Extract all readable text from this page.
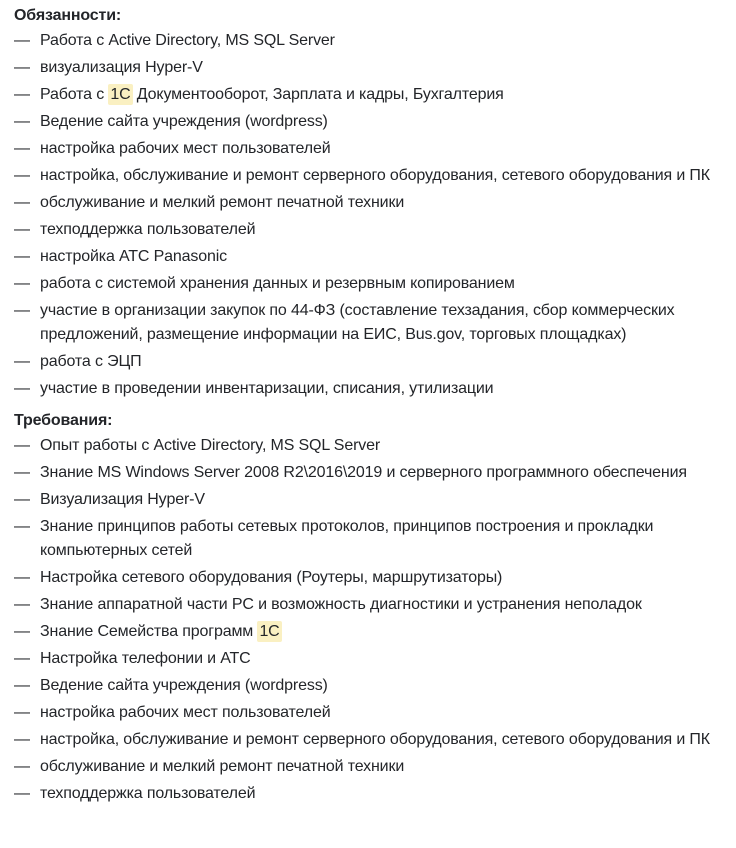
Обязанности:

— Работа с Active Directory, MS SQL Server
— визуализация Hyper-V
— Работа с 1С Документооборот, Зарплата и кадры, Бухгалтерия
— Ведение сайта учреждения (wordpress)
— настройка рабочих мест пользователей
— настройка, обслуживание и ремонт серверного оборудования, сетевого оборудования и ПК
— обслуживание и мелкий ремонт печатной техники
— техподдержка пользователей
— настройка АТС Panasonic
— работа с системой хранения данных и резервным копированием
— участие в организации закупок по 44-ФЗ (составление техзадания, сбор коммерческих предложений, размещение информации на ЕИС, Bus.gov, торговых площадках)
— работа с ЭЦП
— участие в проведении инвентаризации, списания, утилизации

Требования:

— Опыт работы с Active Directory, MS SQL Server
— Знание MS Windows Server 2008 R2\2016\2019 и серверного программного обеспечения
— Визуализация Hyper-V
— Знание принципов работы сетевых протоколов, принципов построения и прокладки компьютерных сетей
— Настройка сетевого оборудования (Роутеры, маршрутизаторы)
— Знание аппаратной части PC и возможность диагностики и устранения неполадок
— Знание Семейства программ 1С
— Настройка телефонии и АТС
— Ведение сайта учреждения (wordpress)
— настройка рабочих мест пользователей
— настройка, обслуживание и ремонт серверного оборудования, сетевого оборудования и ПК
— обслуживание и мелкий ремонт печатной техники
— техподдержка пользователей
